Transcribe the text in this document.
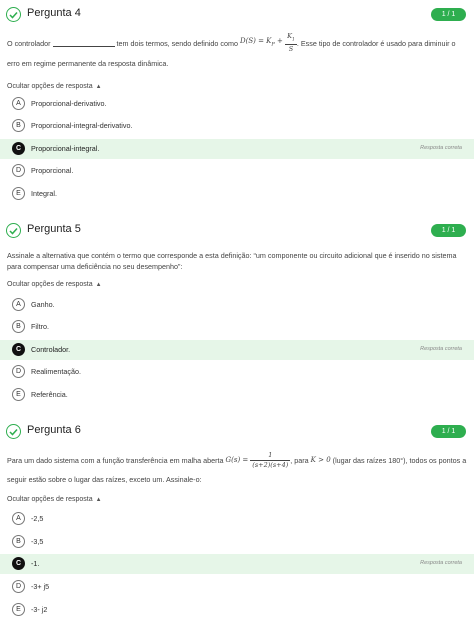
Pergunta 4	1 / 1
O controlador

	tem dois termos, sendo definido como $D(S) = K_P + \frac{K_1}{S}$ . Esse tipo de controlador é usado para diminuir o
erro em regime permanente da resposta dinâmica.
Ocultar opções de resposta ▲
A	Proporcional-derivativo.
B	Proporcional-integral-derivativo.
C	Proporcional-integral.	Resposta correta
D	Proporcional.
E	Integral.
Pergunta 5	1 / 1
Assinale a alternativa que contém o termo que corresponde a esta definição: “um componente ou circuito adicional que é inserido no sistema para compensar uma deficiência no seu desempenho”:
Ocultar opções de resposta ▲
A	Ganho.
B	Filtro.
C	Controlador.	Resposta correta
D	Realimentação.
E	Referência.
Pergunta 6	1 / 1
Para um dado sistema com a função transferência em malha aberta $G(s) = \frac{1}{(s+2)(s+4)}$ , para
K > 0
(lugar das raízes 180°), todos os pontos a
seguir estão sobre o lugar das raízes, exceto um. Assinale-o:
Ocultar opções de resposta ▲
A	-2,5
B	-3,5
C	-1.	Resposta correta
D	-3+ j5
E	-3- j2
